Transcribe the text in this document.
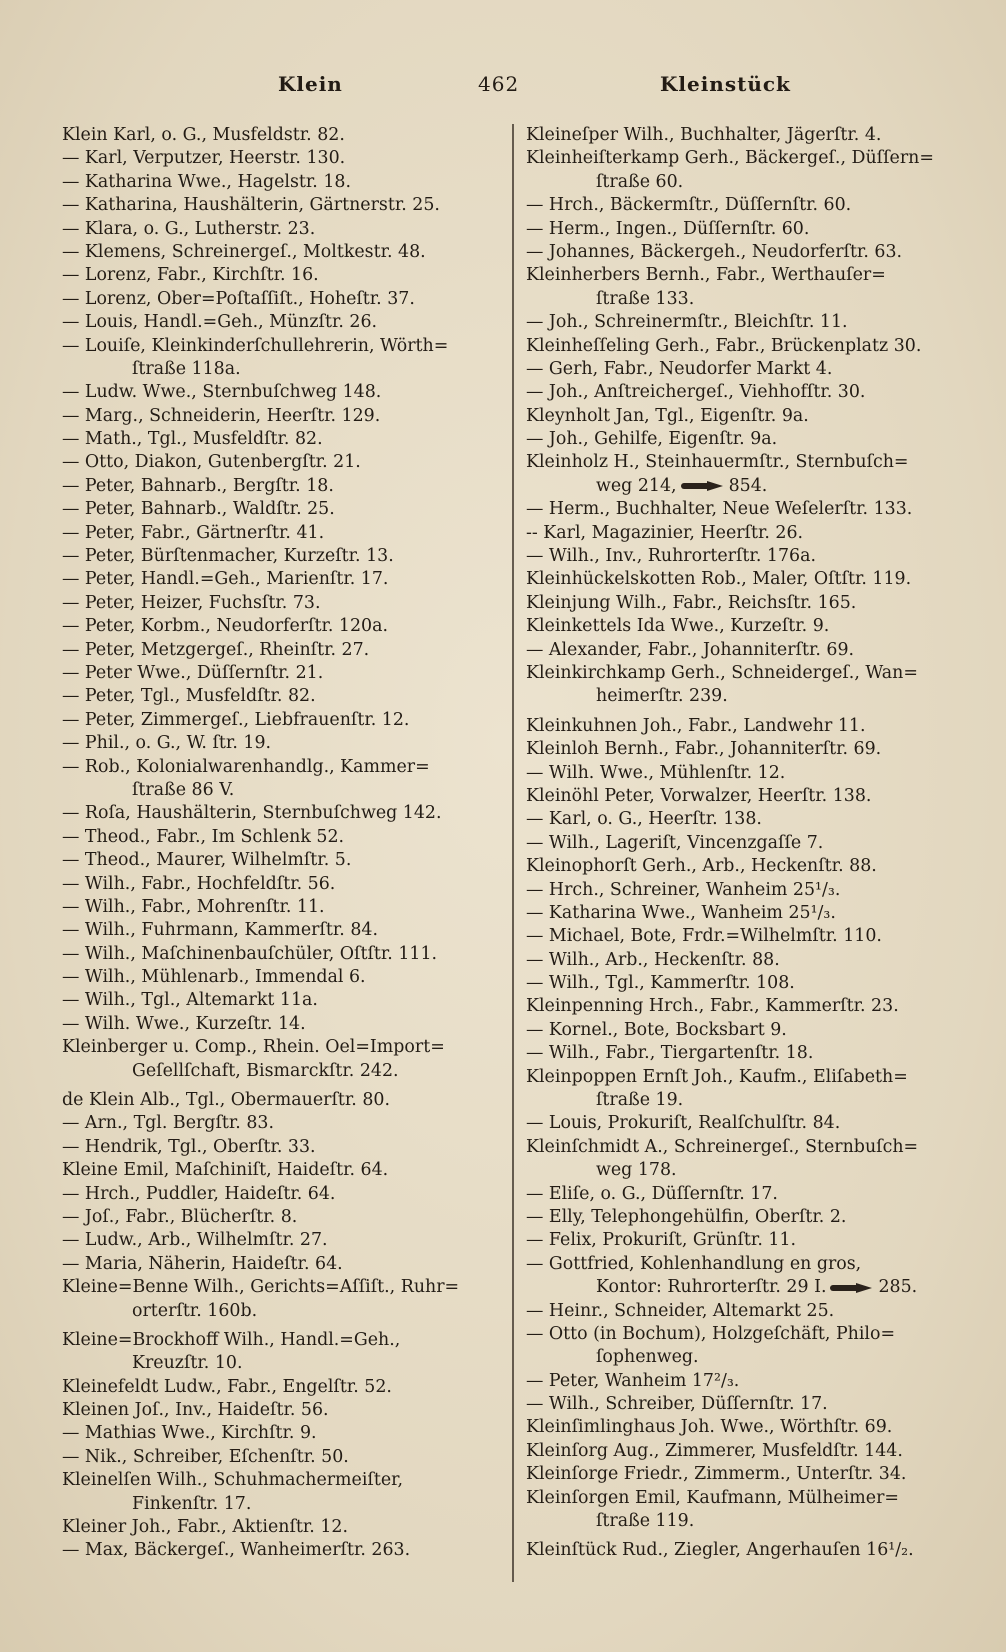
Klein	462	Kleinstück
Klein Karl, o. G., Musfeldstr. 82.
— Karl, Verputzer, Heerstr. 130.
— Katharina Wwe., Hagelstr. 18.
— Katharina, Haushälterin, Gärtnerstr. 25.
— Klara, o. G., Lutherstr. 23.
— Klemens, Schreinergeſ., Moltkestr. 48.
— Lorenz, Fabr., Kirchſtr. 16.
— Lorenz, Ober=Poſtaſſiſt., Hoheſtr. 37.
— Louis, Handl.=Geh., Münzſtr. 26.
— Louiſe, Kleinkinderſchullehrerin, Wörth=
ſtraße 118a.
— Ludw. Wwe., Sternbuſchweg 148.
— Marg., Schneiderin, Heerſtr. 129.
— Math., Tgl., Musfeldſtr. 82.
— Otto, Diakon, Gutenbergſtr. 21.
— Peter, Bahnarb., Bergſtr. 18.
— Peter, Bahnarb., Waldſtr. 25.
— Peter, Fabr., Gärtnerſtr. 41.
— Peter, Bürſtenmacher, Kurzeſtr. 13.
— Peter, Handl.=Geh., Marienſtr. 17.
— Peter, Heizer, Fuchsſtr. 73.
— Peter, Korbm., Neudorferſtr. 120a.
— Peter, Metzgergeſ., Rheinſtr. 27.
— Peter Wwe., Düſſernſtr. 21.
— Peter, Tgl., Musfeldſtr. 82.
— Peter, Zimmergeſ., Liebfrauenſtr. 12.
— Phil., o. G., W. ſtr. 19.
— Rob., Kolonialwarenhandlg., Kammer=
ſtraße 86 V.
— Roſa, Haushälterin, Sternbuſchweg 142.
— Theod., Fabr., Im Schlenk 52.
— Theod., Maurer, Wilhelmſtr. 5.
— Wilh., Fabr., Hochfeldſtr. 56.
— Wilh., Fabr., Mohrenſtr. 11.
— Wilh., Fuhrmann, Kammerſtr. 84.
— Wilh., Maſchinenbauſchüler, Oſtſtr. 111.
— Wilh., Mühlenarb., Immendal 6.
— Wilh., Tgl., Altemarkt 11a.
— Wilh. Wwe., Kurzeſtr. 14.
Kleinberger u. Comp., Rhein. Oel=Import=
Geſellſchaft, Bismarckſtr. 242.
de Klein Alb., Tgl., Obermauerſtr. 80.
— Arn., Tgl. Bergſtr. 83.
— Hendrik, Tgl., Oberſtr. 33.
Kleine Emil, Maſchiniſt, Haideſtr. 64.
— Hrch., Puddler, Haideſtr. 64.
— Joſ., Fabr., Blücherſtr. 8.
— Ludw., Arb., Wilhelmſtr. 27.
— Maria, Näherin, Haideſtr. 64.
Kleine=Benne Wilh., Gerichts=Aſſiſt., Ruhr=
orterſtr. 160b.
Kleine=Brockhoff Wilh., Handl.=Geh.,
Kreuzſtr. 10.
Kleinefeldt Ludw., Fabr., Engelſtr. 52.
Kleinen Joſ., Inv., Haideſtr. 56.
— Mathias Wwe., Kirchſtr. 9.
— Nik., Schreiber, Eſchenſtr. 50.
Kleinelſen Wilh., Schuhmachermeiſter,
Finkenſtr. 17.
Kleiner Joh., Fabr., Aktienſtr. 12.
— Max, Bäckergeſ., Wanheimerſtr. 263.
Kleineſper Wilh., Buchhalter, Jägerſtr. 4.
Kleinheiſterkamp Gerh., Bäckergeſ., Düſſern=
ſtraße 60.
— Hrch., Bäckermſtr., Düſſernſtr. 60.
— Herm., Ingen., Düſſernſtr. 60.
— Johannes, Bäckergeh., Neudorferſtr. 63.
Kleinherbers Bernh., Fabr., Werthauſer=
ſtraße 133.
— Joh., Schreinermſtr., Bleichſtr. 11.
Kleinheſſeling Gerh., Fabr., Brückenplatz 30.
— Gerh, Fabr., Neudorfer Markt 4.
— Joh., Anſtreichergeſ., Viehhofſtr. 30.
Kleynholt Jan, Tgl., Eigenſtr. 9a.
— Joh., Gehilfe, Eigenſtr. 9a.
Kleinholz H., Steinhauermſtr., Sternbuſch=
weg 214,	854.
— Herm., Buchhalter, Neue Weſelerſtr. 133.
-- Karl, Magazinier, Heerſtr. 26.
— Wilh., Inv., Ruhrorterſtr. 176a.
Kleinhückelskotten Rob., Maler, Oſtſtr. 119.
Kleinjung Wilh., Fabr., Reichsſtr. 165.
Kleinkettels Ida Wwe., Kurzeſtr. 9.
— Alexander, Fabr., Johanniterſtr. 69.
Kleinkirchkamp Gerh., Schneidergeſ., Wan=
heimerſtr. 239.
Kleinkuhnen Joh., Fabr., Landwehr 11.
Kleinloh Bernh., Fabr., Johanniterſtr. 69.
— Wilh. Wwe., Mühlenſtr. 12.
Kleinöhl Peter, Vorwalzer, Heerſtr. 138.
— Karl, o. G., Heerſtr. 138.
— Wilh., Lageriſt, Vincenzgaſſe 7.
Kleinophorſt Gerh., Arb., Heckenſtr. 88.
— Hrch., Schreiner, Wanheim 25¹/₃.
— Katharina Wwe., Wanheim 25¹/₃.
— Michael, Bote, Frdr.=Wilhelmſtr. 110.
— Wilh., Arb., Heckenſtr. 88.
— Wilh., Tgl., Kammerſtr. 108.
Kleinpenning Hrch., Fabr., Kammerſtr. 23.
— Kornel., Bote, Bocksbart 9.
— Wilh., Fabr., Tiergartenſtr. 18.
Kleinpoppen Ernſt Joh., Kaufm., Eliſabeth=
ſtraße 19.
— Louis, Prokuriſt, Realſchulſtr. 84.
Kleinſchmidt A., Schreinergeſ., Sternbuſch=
weg 178.
— Eliſe, o. G., Düſſernſtr. 17.
— Elly, Telephongehülfin, Oberſtr. 2.
— Felix, Prokuriſt, Grünſtr. 11.
— Gottfried, Kohlenhandlung en gros,
Kontor: Ruhrorterſtr. 29 I.	285.
— Heinr., Schneider, Altemarkt 25.
— Otto (in Bochum), Holzgeſchäft, Philo=
ſophenweg.
— Peter, Wanheim 17²/₃.
— Wilh., Schreiber, Düſſernſtr. 17.
Kleinſimlinghaus Joh. Wwe., Wörthſtr. 69.
Kleinſorg Aug., Zimmerer, Musfeldſtr. 144.
Kleinſorge Friedr., Zimmerm., Unterſtr. 34.
Kleinſorgen Emil, Kaufmann, Mülheimer=
ſtraße 119.
Kleinſtück Rud., Ziegler, Angerhauſen 16¹/₂.
